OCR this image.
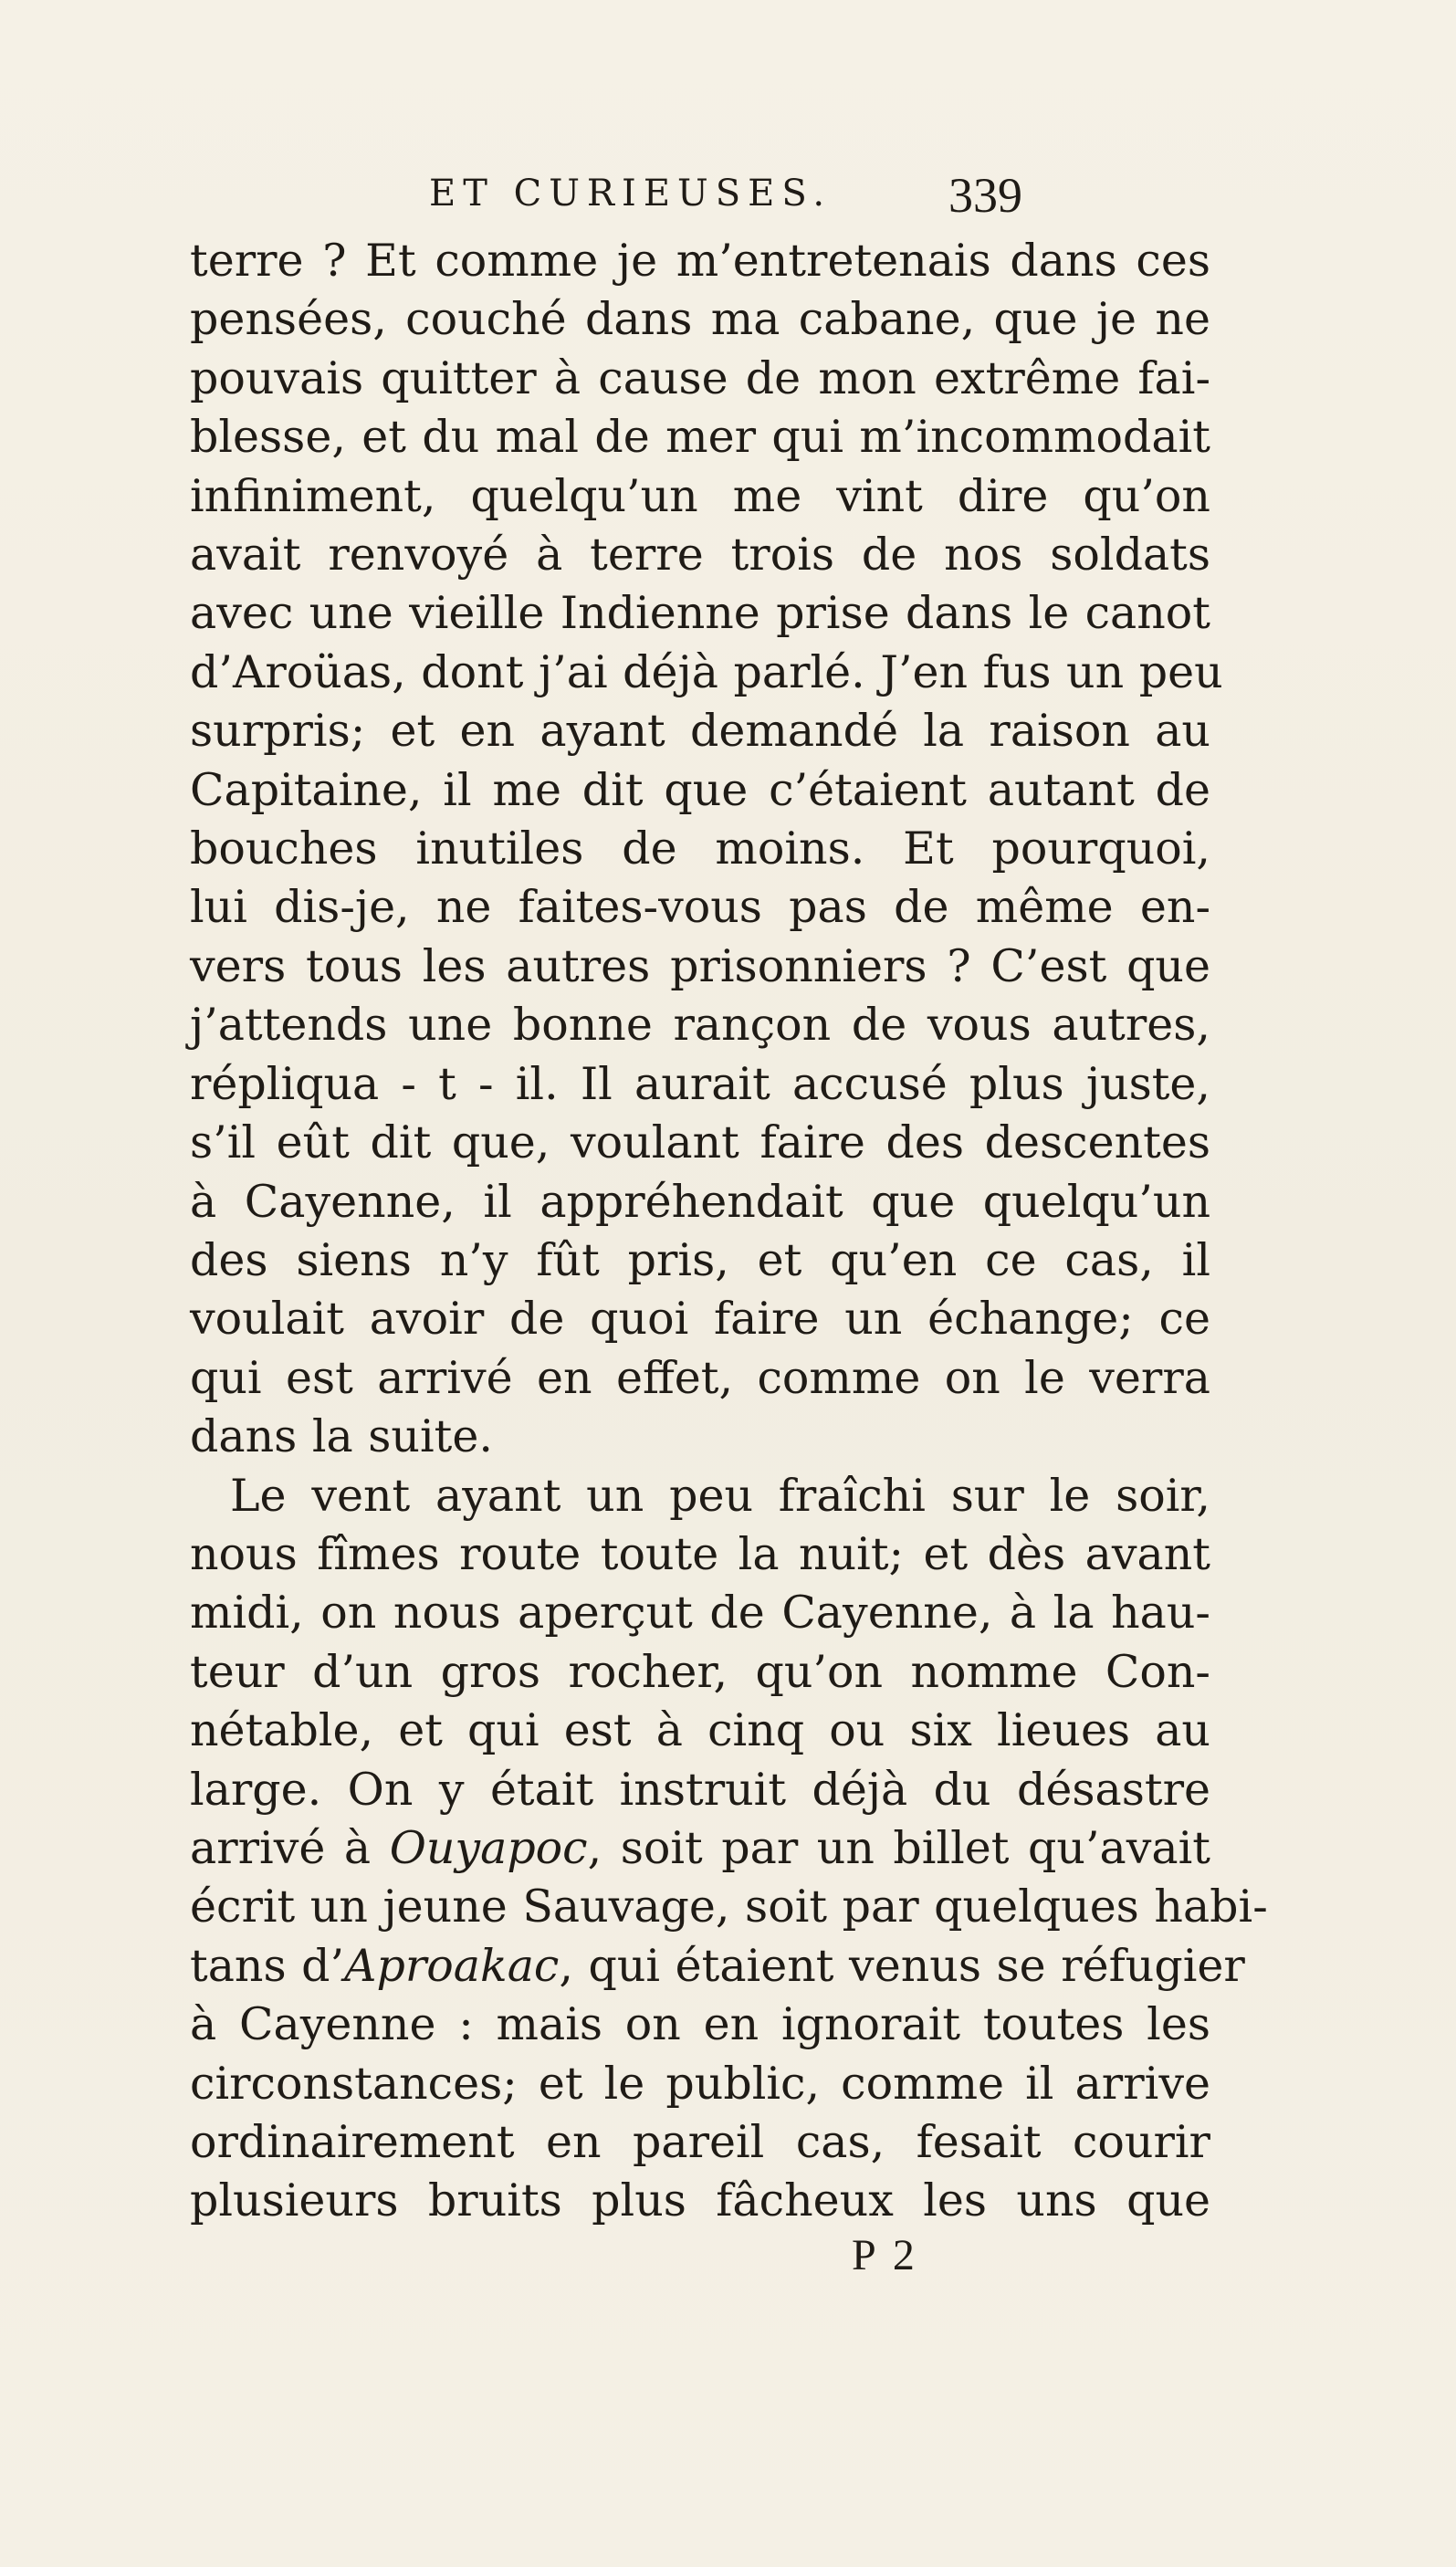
ET CURIEUSES. 339
terre ? Et comme je m’entretenais dans ces
pensées, couché dans ma cabane, que je ne
pouvais quitter à cause de mon extrême fai-
blesse, et du mal de mer qui m’incommodait
infiniment, quelqu’un me vint dire qu’on
avait renvoyé à terre trois de nos soldats
avec une vieille Indienne prise dans le canot
d’Aroüas, dont j’ai déjà parlé. J’en fus un peu
surpris; et en ayant demandé la raison au
Capitaine, il me dit que c’étaient autant de
bouches inutiles de moins. Et pourquoi,
lui dis-je, ne faites-vous pas de même en-
vers tous les autres prisonniers ? C’est que
j’attends une bonne rançon de vous autres,
répliqua - t - il. Il aurait accusé plus juste,
s’il eût dit que, voulant faire des descentes
à Cayenne, il appréhendait que quelqu’un
des siens n’y fût pris, et qu’en ce cas, il
voulait avoir de quoi faire un échange; ce
qui est arrivé en effet, comme on le verra
dans la suite.
Le vent ayant un peu fraîchi sur le soir,
nous fîmes route toute la nuit; et dès avant
midi, on nous aperçut de Cayenne, à la hau-
teur d’un gros rocher, qu’on nomme Con-
nétable, et qui est à cinq ou six lieues au
large. On y était instruit déjà du désastre
arrivé à Ouyapoc, soit par un billet qu’avait
écrit un jeune Sauvage, soit par quelques habi-
tans d’Aproakac, qui étaient venus se réfugier
à Cayenne : mais on en ignorait toutes les
circonstances; et le public, comme il arrive
ordinairement en pareil cas, fesait courir
plusieurs bruits plus fâcheux les uns que
P 2
